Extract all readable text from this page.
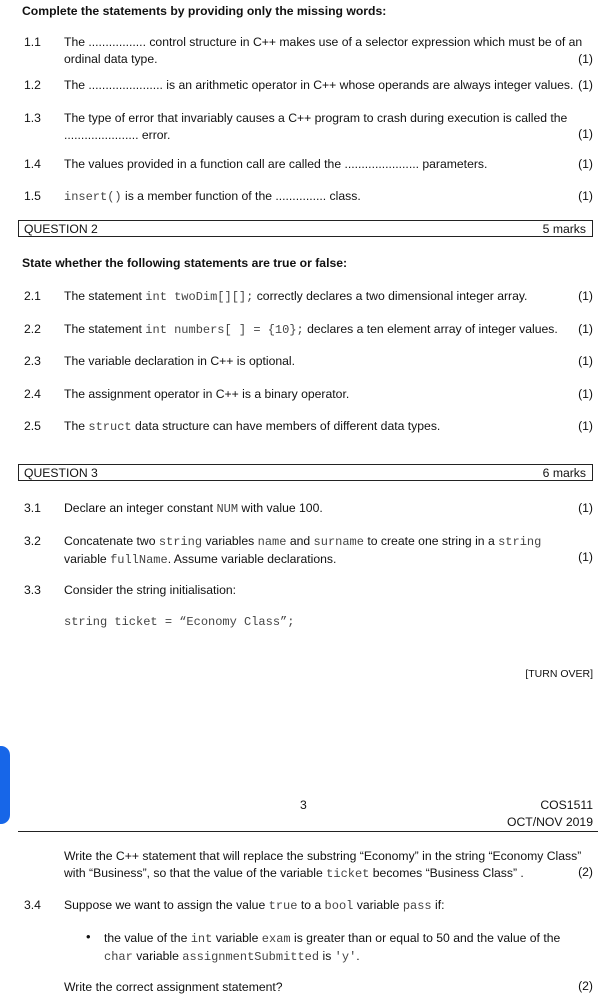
Complete the statements by providing only the missing words:
1.1 The ................. control structure in C++ makes use of a selector expression which must be of an
ordinal data type.	(1)
1.2 The ...................... is an arithmetic operator in C++ whose operands are always integer values. (1)
1.3 The type of error that invariably causes a C++ program to crash during execution is called the
...................... error.	(1)
1.4 The values provided in a function call are called the ...................... parameters.	(1)
1.5 insert() is a member function of the ............... class.	(1)
QUESTION 2	5 marks
State whether the following statements are true or false:
2.1 The statement int twoDim[][]; correctly declares a two dimensional integer array.	(1)
2.2 The statement int numbers[ ] = {10}; declares a ten element array of integer values. (1)
2.3 The variable declaration in C++ is optional.	(1)
2.4 The assignment operator in C++ is a binary operator.	(1)
2.5 The struct data structure can have members of different data types.	(1)
QUESTION 3	6 marks
3.1 Declare an integer constant NUM with value 100.	(1)
3.2 Concatenate two string variables name and surname to create one string in a string
variable fullName. Assume variable declarations.	(1)
3.3 Consider the string initialisation:
string ticket = “Economy Class”;
[TURN OVER]
3	COS1511
OCT/NOV 2019
Write the C++ statement that will replace the substring “Economy” in the string “Economy Class”
with “Business”, so that the value of the variable ticket becomes “Business Class” .	(2)
3.4 Suppose we want to assign the value true to a bool variable pass if:
• the value of the int variable exam is greater than or equal to 50 and the value of the
char variable assignmentSubmitted is 'y'.
Write the correct assignment statement?	(2)
